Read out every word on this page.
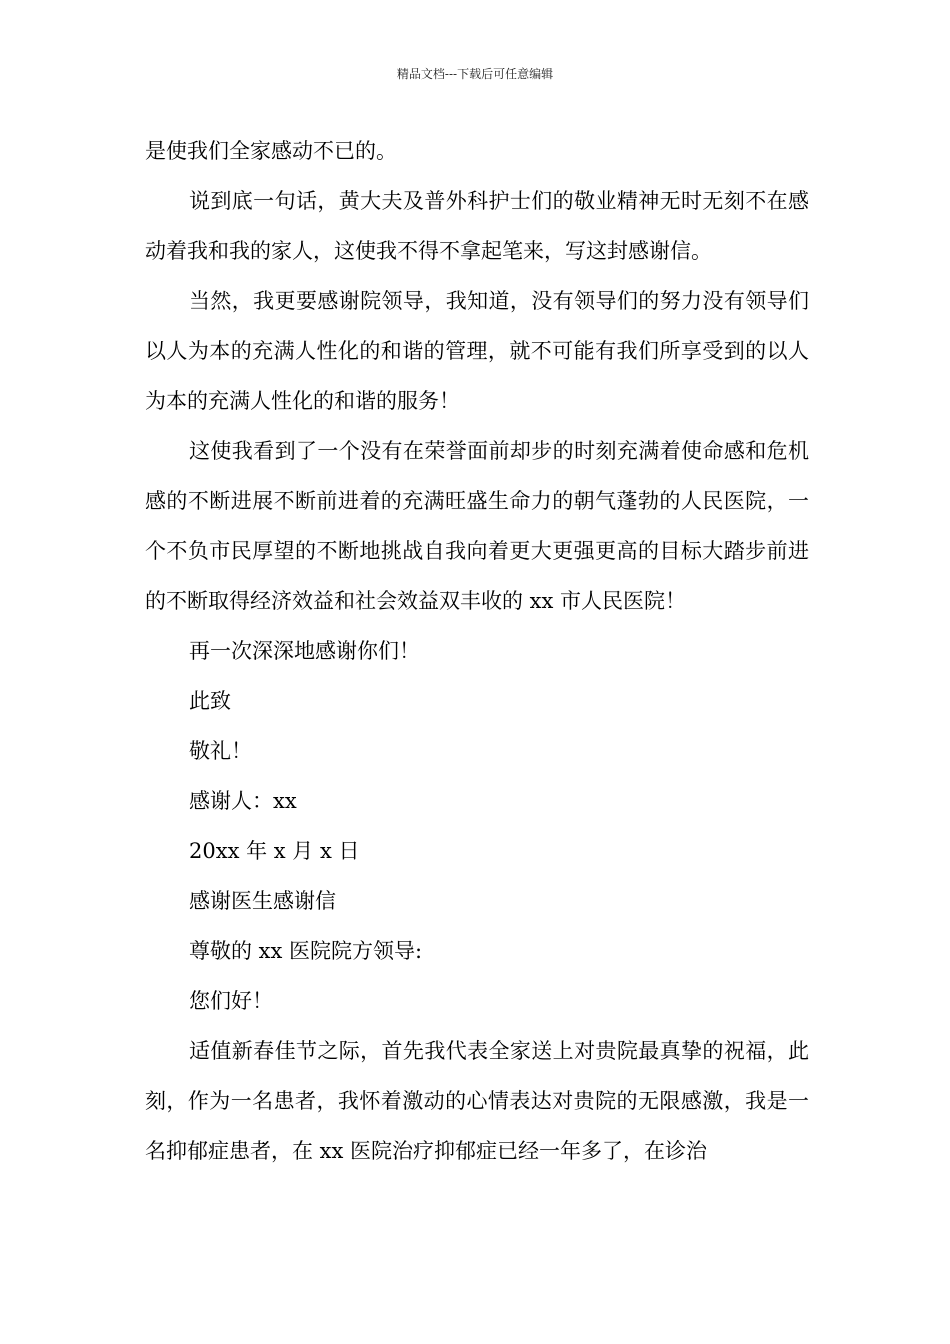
精品文档---下载后可任意编辑

是使我们全家感动不已的。

说到底一句话，黄大夫及普外科护士们的敬业精神无时无刻不在感动着我和我的家人，这使我不得不拿起笔来，写这封感谢信。

当然，我更要感谢院领导，我知道，没有领导们的努力没有领导们以人为本的充满人性化的和谐的管理，就不可能有我们所享受到的以人为本的充满人性化的和谐的服务！

这使我看到了一个没有在荣誉面前却步的时刻充满着使命感和危机感的不断进展不断前进着的充满旺盛生命力的朝气蓬勃的人民医院，一个不负市民厚望的不断地挑战自我向着更大更强更高的目标大踏步前进的不断取得经济效益和社会效益双丰收的 xx 市人民医院！

再一次深深地感谢你们！

此致

敬礼！

感谢人：xx

20xx 年 x 月 x 日

感谢医生感谢信

尊敬的 xx 医院院方领导:

您们好！

适值新春佳节之际，首先我代表全家送上对贵院最真挚的祝福，此刻，作为一名患者，我怀着激动的心情表达对贵院的无限感激，我是一名抑郁症患者，在 xx 医院治疗抑郁症已经一年多了，在诊治
